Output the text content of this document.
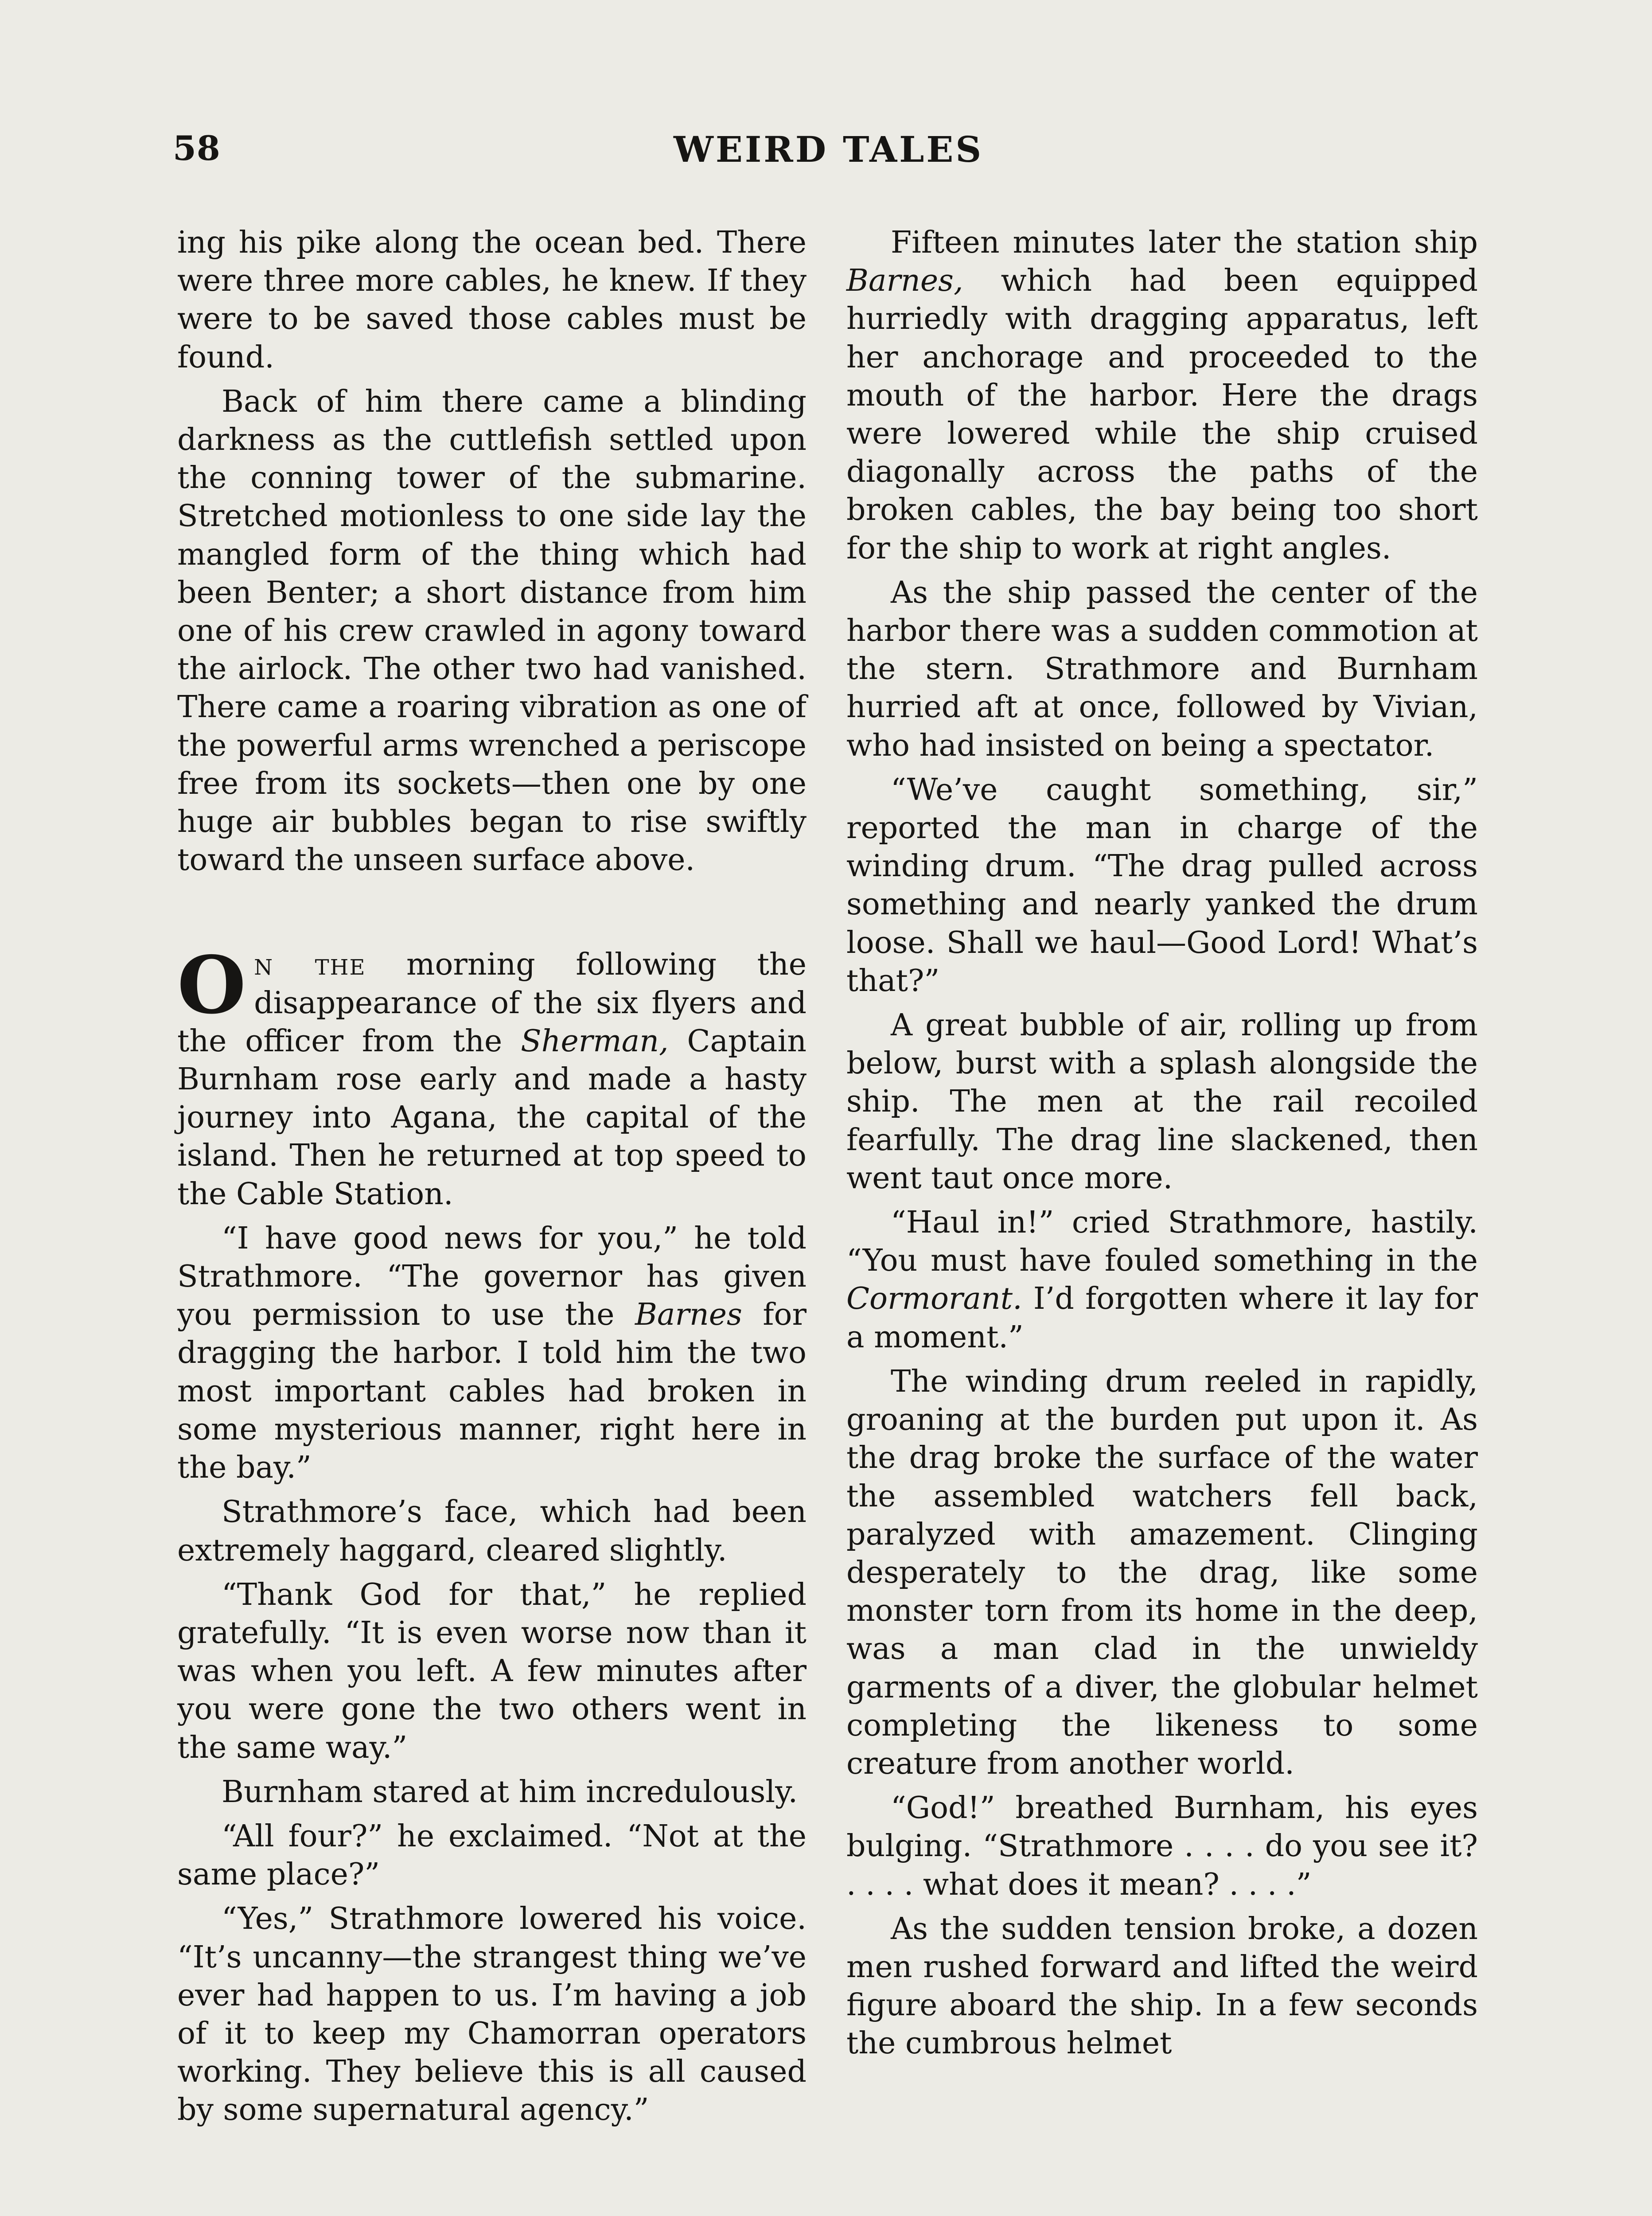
58	WEIRD TALES

ing his pike along the ocean bed. There were three more cables, he knew. If they were to be saved those cables must be found.

Back of him there came a blinding darkness as the cuttlefish settled upon the conning tower of the submarine. Stretched motionless to one side lay the mangled form of the thing which had been Benter; a short distance from him one of his crew crawled in agony toward the airlock. The other two had vanished. There came a roaring vibration as one of the powerful arms wrenched a periscope free from its sockets—then one by one huge air bubbles began to rise swiftly toward the unseen surface above.

On the morning following the disappearance of the six flyers and the officer from the Sherman, Captain Burnham rose early and made a hasty journey into Agana, the capital of the island. Then he returned at top speed to the Cable Station.

“I have good news for you,” he told Strathmore. “The governor has given you permission to use the Barnes for dragging the harbor. I told him the two most important cables had broken in some mysterious manner, right here in the bay.”

Strathmore’s face, which had been extremely haggard, cleared slightly.

“Thank God for that,” he replied gratefully. “It is even worse now than it was when you left. A few minutes after you were gone the two others went in the same way.”

Burnham stared at him incredulously.

“All four?” he exclaimed. “Not at the same place?”

“Yes,” Strathmore lowered his voice. “It’s uncanny—the strangest thing we’ve ever had happen to us. I’m having a job of it to keep my Chamorran operators working. They believe this is all caused by some supernatural agency.”

Fifteen minutes later the station ship Barnes, which had been equipped hurriedly with dragging apparatus, left her anchorage and proceeded to the mouth of the harbor. Here the drags were lowered while the ship cruised diagonally across the paths of the broken cables, the bay being too short for the ship to work at right angles.

As the ship passed the center of the harbor there was a sudden commotion at the stern. Strathmore and Burnham hurried aft at once, followed by Vivian, who had insisted on being a spectator.

“We’ve caught something, sir,” reported the man in charge of the winding drum. “The drag pulled across something and nearly yanked the drum loose. Shall we haul—Good Lord! What’s that?”

A great bubble of air, rolling up from below, burst with a splash alongside the ship. The men at the rail recoiled fearfully. The drag line slackened, then went taut once more.

“Haul in!” cried Strathmore, hastily. “You must have fouled something in the Cormorant. I’d forgotten where it lay for a moment.”

The winding drum reeled in rapidly, groaning at the burden put upon it. As the drag broke the surface of the water the assembled watchers fell back, paralyzed with amazement. Clinging desperately to the drag, like some monster torn from its home in the deep, was a man clad in the unwieldy garments of a diver, the globular helmet completing the likeness to some creature from another world.

“God!” breathed Burnham, his eyes bulging. “Strathmore . . . . do you see it? . . . . what does it mean? . . . .”

As the sudden tension broke, a dozen men rushed forward and lifted the weird figure aboard the ship. In a few seconds the cumbrous helmet
